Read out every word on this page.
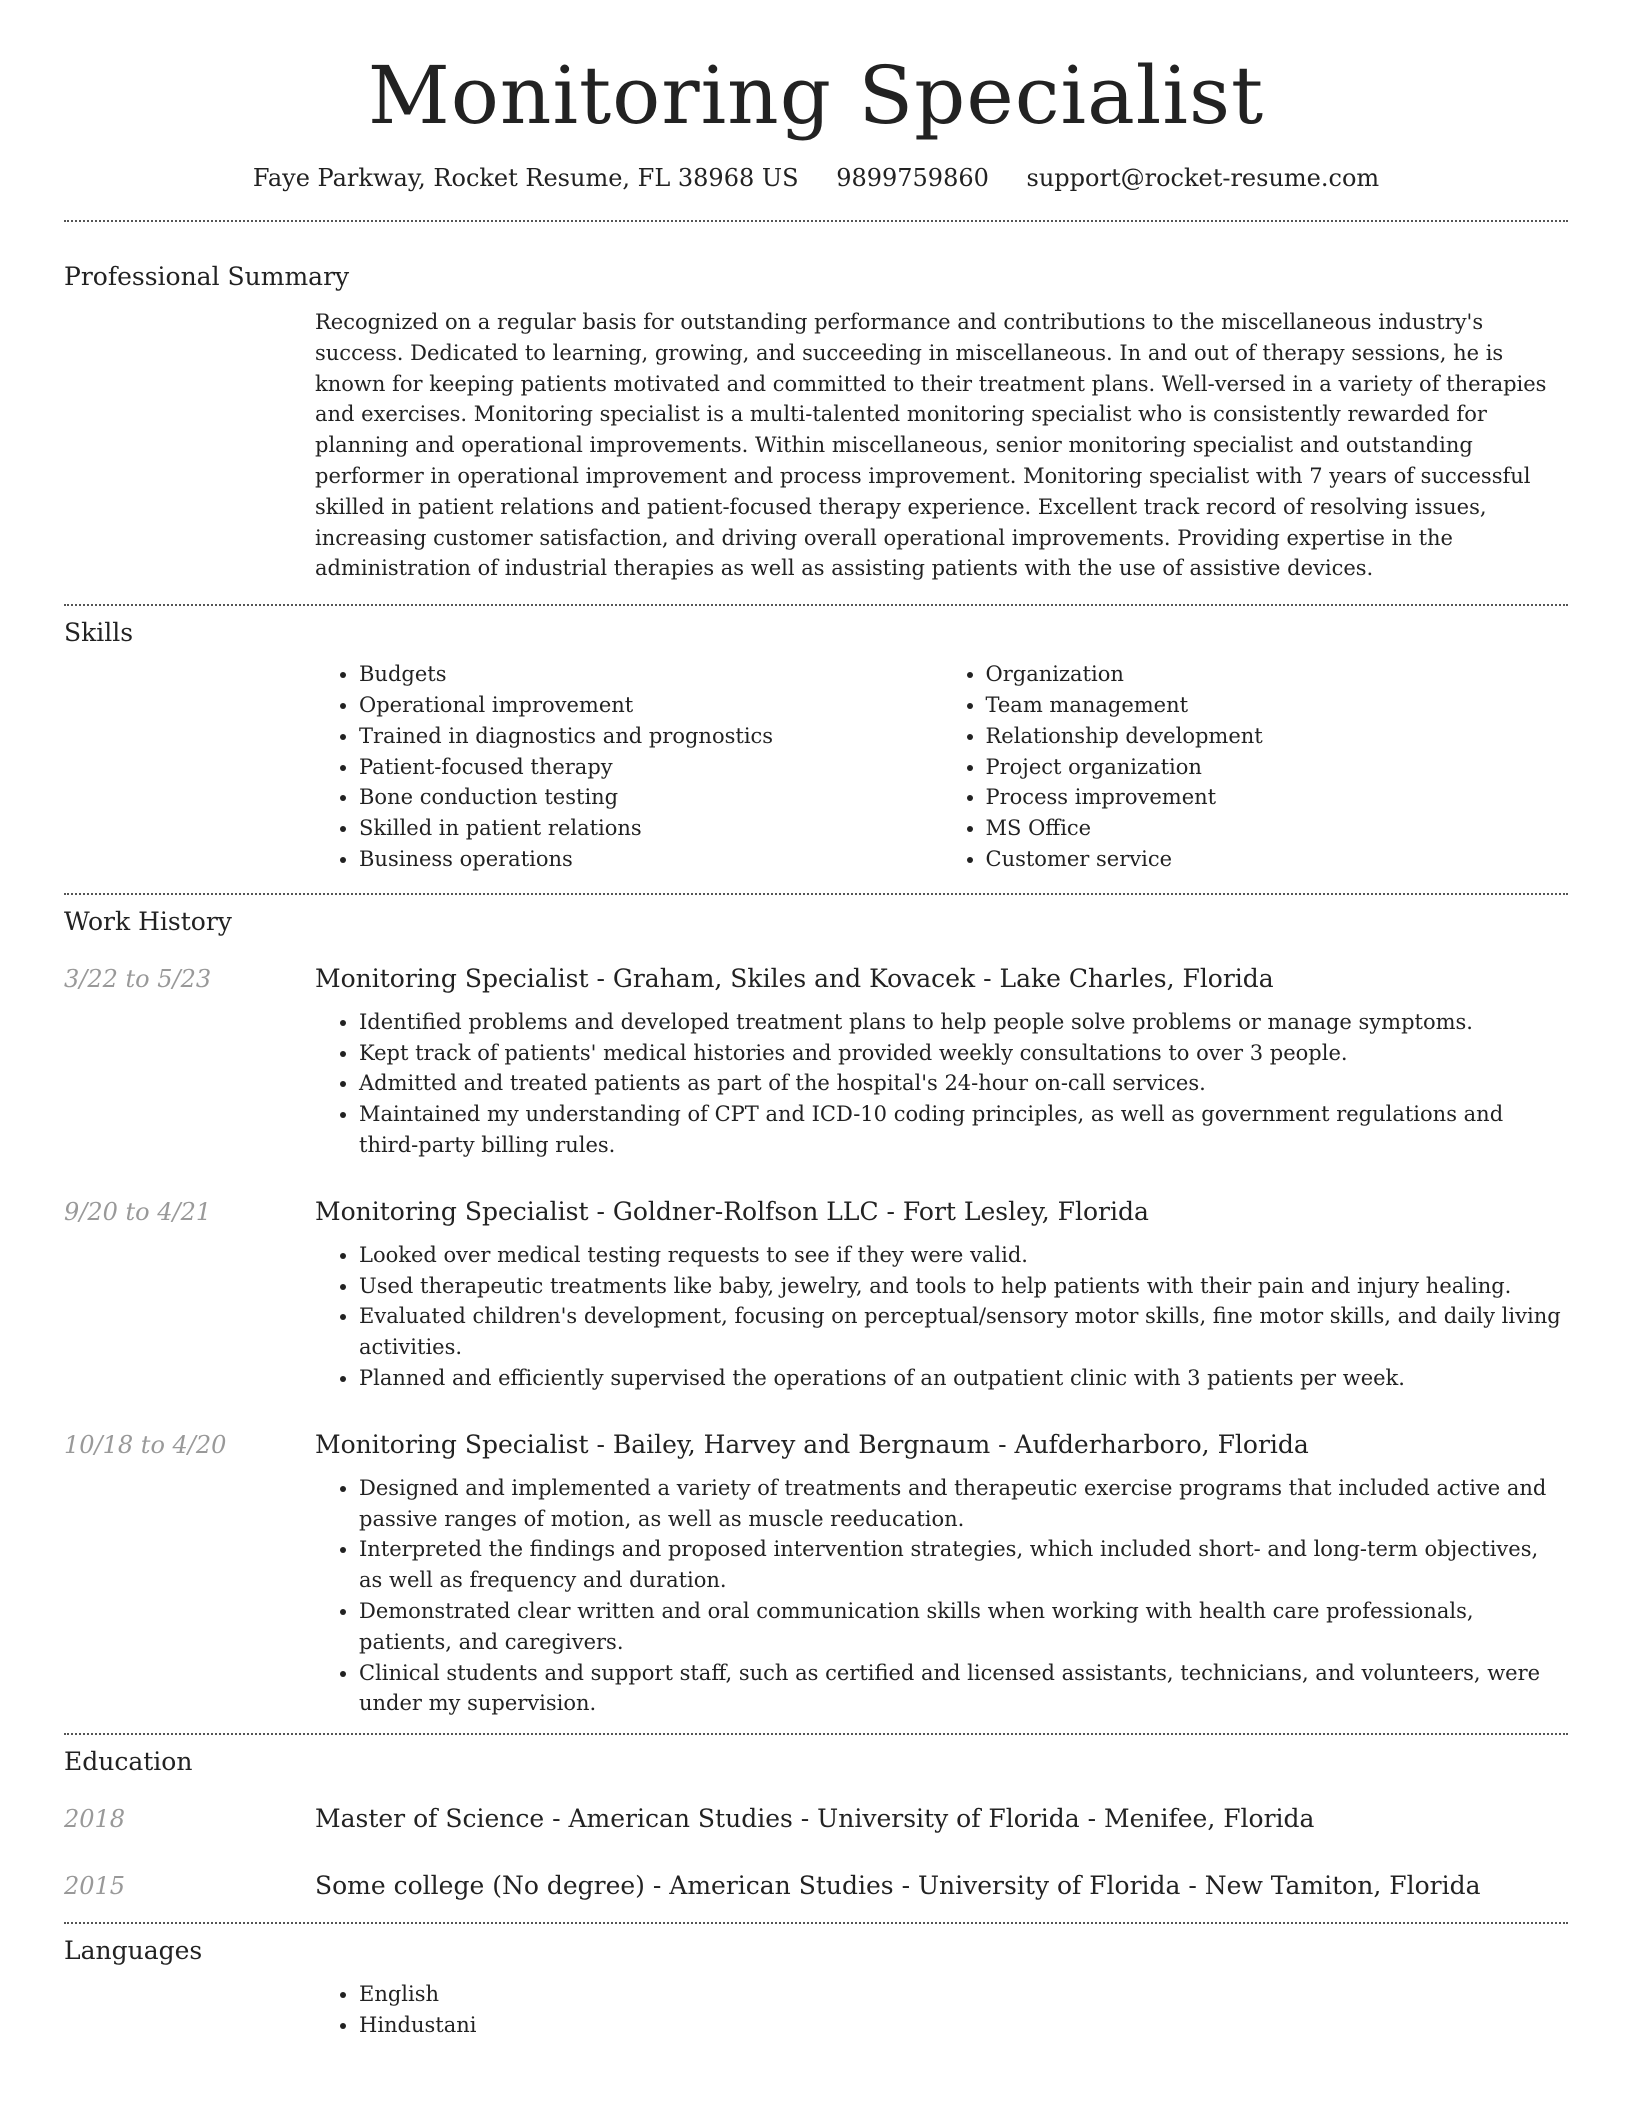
Monitoring Specialist
Faye Parkway, Rocket Resume, FL 38968 US 9899759860 support@rocket-resume.com
Professional Summary

Recognized on a regular basis for outstanding performance and contributions to the miscellaneous industry's success. Dedicated to learning, growing, and succeeding in miscellaneous. In and out of therapy sessions, he is known for keeping patients motivated and committed to their treatment plans. Well-versed in a variety of therapies and exercises. Monitoring specialist is a multi-talented monitoring specialist who is consistently rewarded for planning and operational improvements. Within miscellaneous, senior monitoring specialist and outstanding performer in operational improvement and process improvement. Monitoring specialist with 7 years of successful skilled in patient relations and patient-focused therapy experience. Excellent track record of resolving issues, increasing customer satisfaction, and driving overall operational improvements. Providing expertise in the administration of industrial therapies as well as assisting patients with the use of assistive devices.

Skills
• Budgets
• Operational improvement
• Trained in diagnostics and prognostics
• Patient-focused therapy
• Bone conduction testing
• Skilled in patient relations
• Business operations
• Organization
• Team management
• Relationship development
• Project organization
• Process improvement
• MS Office
• Customer service
Work History
3/22 to 5/23	Monitoring Specialist - Graham, Skiles and Kovacek - Lake Charles, Florida
• Identified problems and developed treatment plans to help people solve problems or manage symptoms.
• Kept track of patients' medical histories and provided weekly consultations to over 3 people.
• Admitted and treated patients as part of the hospital's 24-hour on-call services.
• Maintained my understanding of CPT and ICD-10 coding principles, as well as government regulations and third-party billing rules.
9/20 to 4/21	Monitoring Specialist - Goldner-Rolfson LLC - Fort Lesley, Florida
• Looked over medical testing requests to see if they were valid.
• Used therapeutic treatments like baby, jewelry, and tools to help patients with their pain and injury healing.
• Evaluated children's development, focusing on perceptual/sensory motor skills, fine motor skills, and daily living activities.
• Planned and efficiently supervised the operations of an outpatient clinic with 3 patients per week.
10/18 to 4/20	Monitoring Specialist - Bailey, Harvey and Bergnaum - Aufderharboro, Florida
• Designed and implemented a variety of treatments and therapeutic exercise programs that included active and passive ranges of motion, as well as muscle reeducation.
• Interpreted the findings and proposed intervention strategies, which included short- and long-term objectives, as well as frequency and duration.
• Demonstrated clear written and oral communication skills when working with health care professionals, patients, and caregivers.
• Clinical students and support staff, such as certified and licensed assistants, technicians, and volunteers, were under my supervision.
Education
2018	Master of Science - American Studies - University of Florida - Menifee, Florida
2015	Some college (No degree) - American Studies - University of Florida - New Tamiton, Florida
Languages
• English
• Hindustani
